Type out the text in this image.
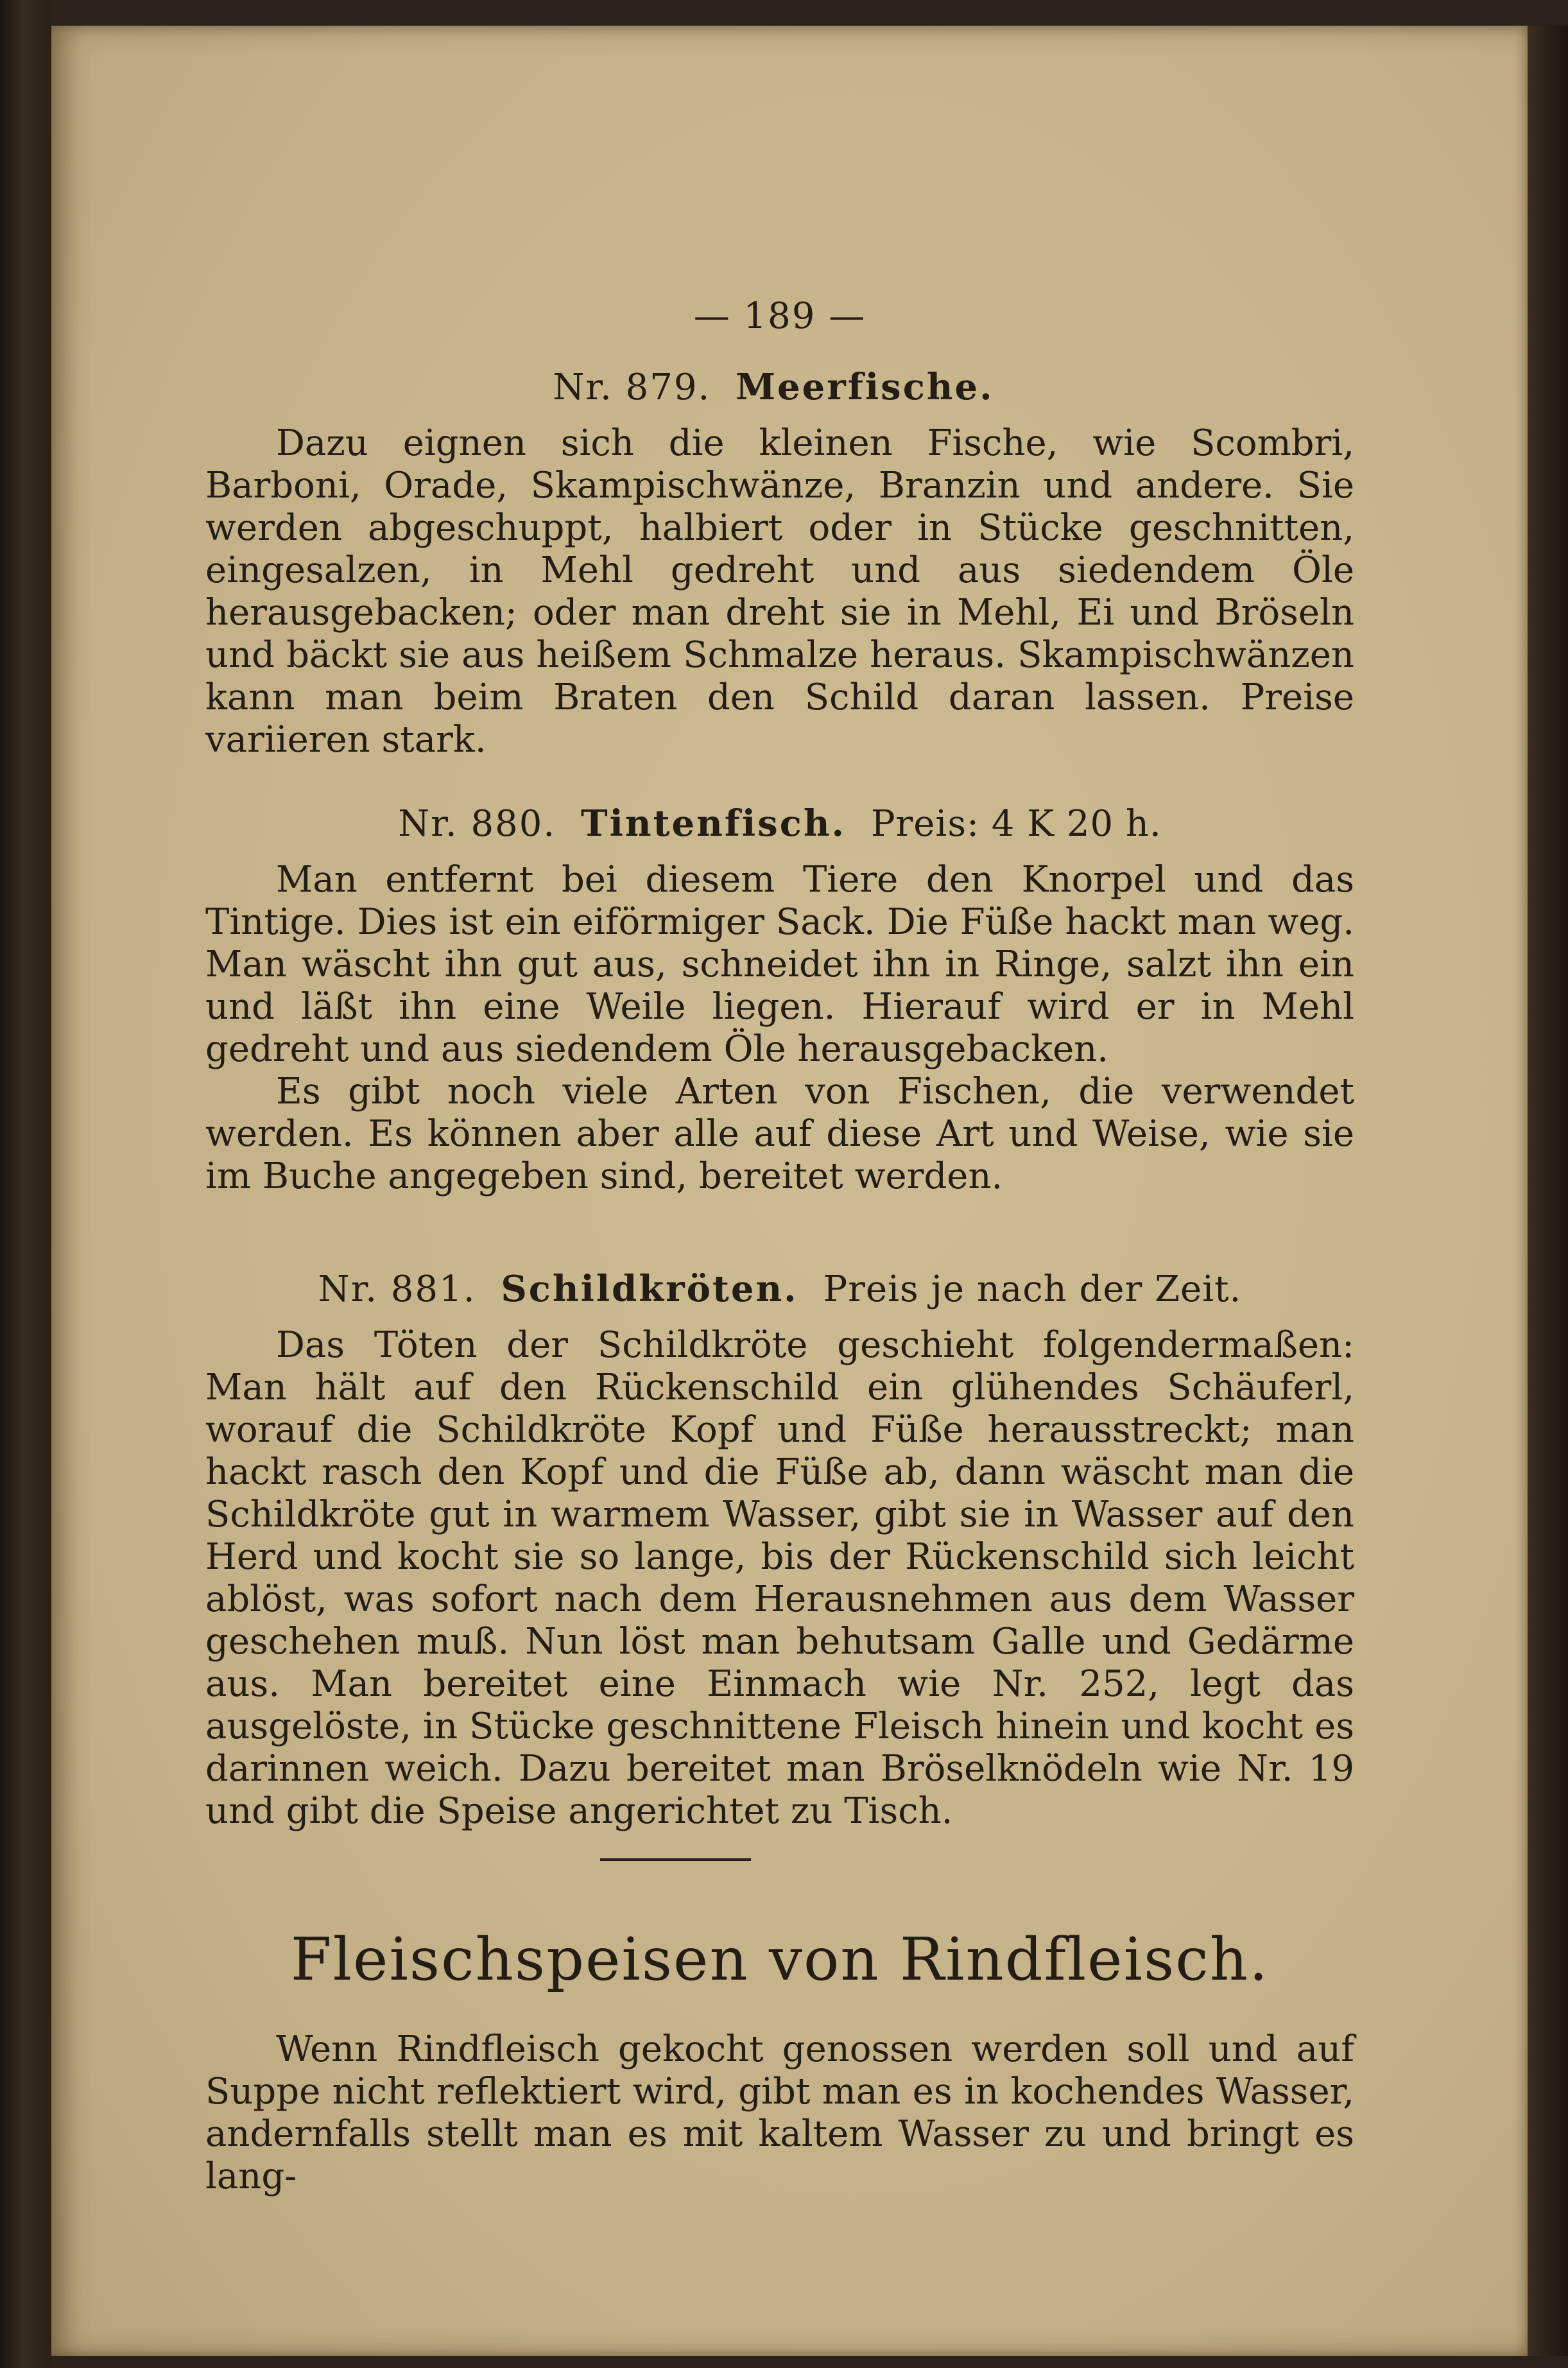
— 189 —
Nr. 879. Meerfische.

Dazu eignen sich die kleinen Fische, wie Scombri, Barboni, Orade, Skampischwänze, Branzin und andere. Sie werden abgeschuppt, halbiert oder in Stücke geschnitten, eingesalzen, in Mehl gedreht und aus siedendem Öle herausgebacken; oder man dreht sie in Mehl, Ei und Bröseln und bäckt sie aus heißem Schmalze heraus. Skampischwänzen kann man beim Braten den Schild daran lassen. Preise variieren stark.

Nr. 880. Tintenfisch. Preis: 4 K 20 h.

Man entfernt bei diesem Tiere den Knorpel und das Tintige. Dies ist ein eiförmiger Sack. Die Füße hackt man weg. Man wäscht ihn gut aus, schneidet ihn in Ringe, salzt ihn ein und läßt ihn eine Weile liegen. Hierauf wird er in Mehl gedreht und aus siedendem Öle herausgebacken.

Es gibt noch viele Arten von Fischen, die verwendet werden. Es können aber alle auf diese Art und Weise, wie sie im Buche angegeben sind, bereitet werden.

Nr. 881. Schildkröten. Preis je nach der Zeit.

Das Töten der Schildkröte geschieht folgendermaßen: Man hält auf den Rückenschild ein glühendes Schäuferl, worauf die Schildkröte Kopf und Füße herausstreckt; man hackt rasch den Kopf und die Füße ab, dann wäscht man die Schildkröte gut in warmem Wasser, gibt sie in Wasser auf den Herd und kocht sie so lange, bis der Rückenschild sich leicht ablöst, was sofort nach dem Herausnehmen aus dem Wasser geschehen muß. Nun löst man behutsam Galle und Gedärme aus. Man bereitet eine Einmach wie Nr. 252, legt das ausgelöste, in Stücke geschnittene Fleisch hinein und kocht es darinnen weich. Dazu bereitet man Bröselknödeln wie Nr. 19 und gibt die Speise angerichtet zu Tisch.

Fleischspeisen von Rindfleisch.

Wenn Rindfleisch gekocht genossen werden soll und auf Suppe nicht reflektiert wird, gibt man es in kochendes Wasser, andernfalls stellt man es mit kaltem Wasser zu und bringt es lang-
